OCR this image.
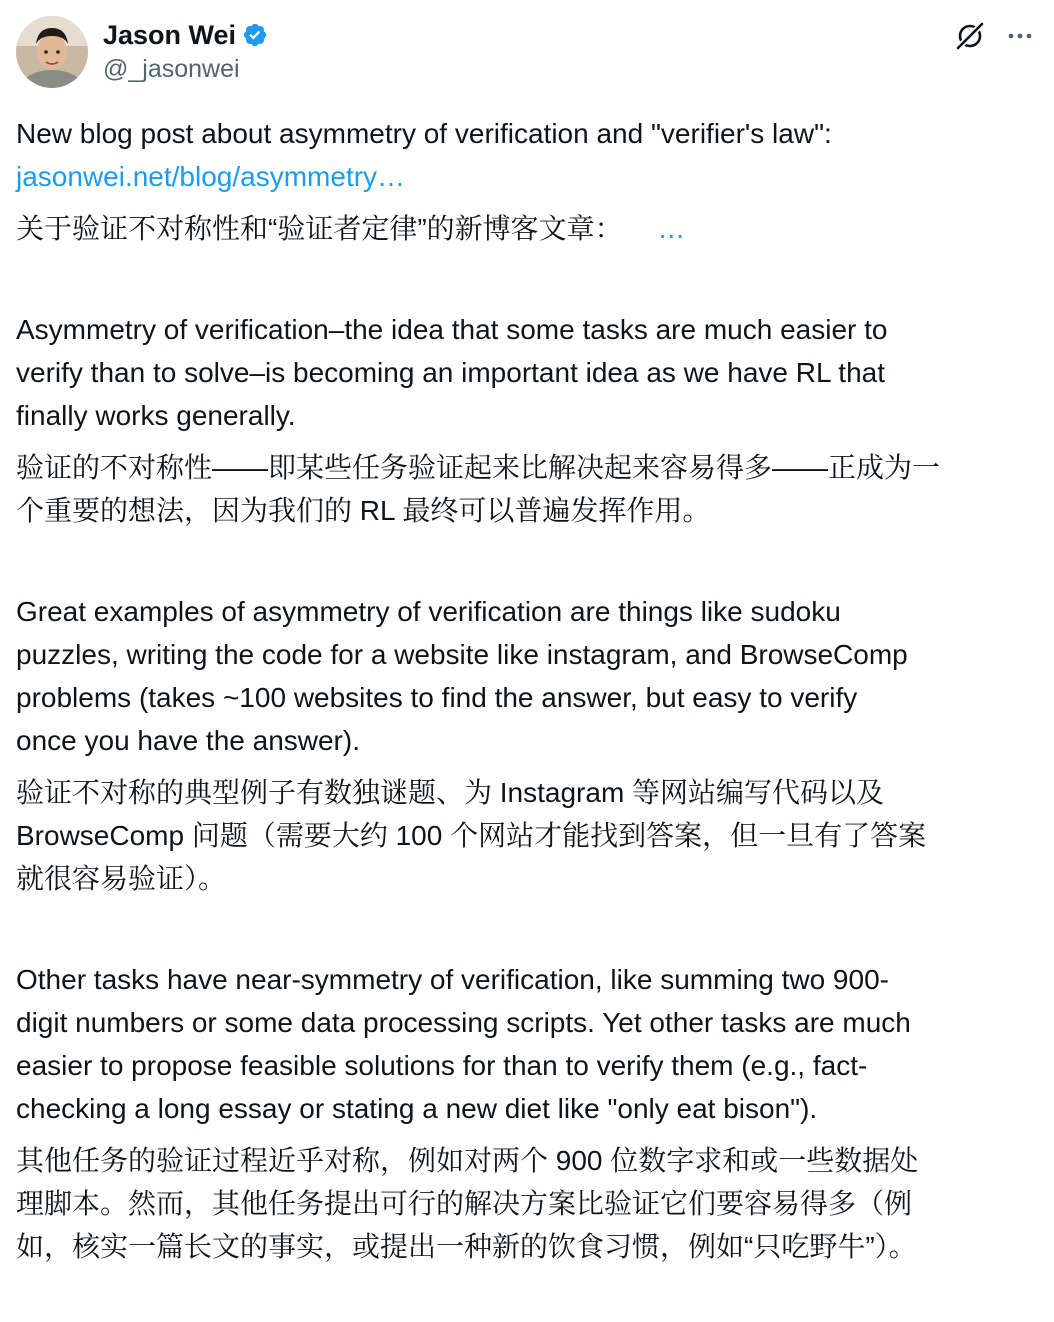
Jason Wei
@_jasonwei
New blog post about asymmetry of verification and "verifier's law":
jasonwei.net/blog/asymmetry…
关于验证不对称性和“验证者定律”的新博客文章： ...
Asymmetry of verification–the idea that some tasks are much easier to
verify than to solve–is becoming an important idea as we have RL that
finally works generally.
验证的不对称性——即某些任务验证起来比解决起来容易得多——正成为一
个重要的想法，因为我们的 RL 最终可以普遍发挥作用。
Great examples of asymmetry of verification are things like sudoku
puzzles, writing the code for a website like instagram, and BrowseComp
problems (takes ~100 websites to find the answer, but easy to verify
once you have the answer).
验证不对称的典型例子有数独谜题、为 Instagram 等网站编写代码以及
BrowseComp 问题（需要大约 100 个网站才能找到答案，但一旦有了答案
就很容易验证）。
Other tasks have near-symmetry of verification, like summing two 900-
digit numbers or some data processing scripts. Yet other tasks are much
easier to propose feasible solutions for than to verify them (e.g., fact-
checking a long essay or stating a new diet like "only eat bison").
其他任务的验证过程近乎对称，例如对两个 900 位数字求和或一些数据处
理脚本。然而，其他任务提出可行的解决方案比验证它们要容易得多（例
如，核实一篇长文的事实，或提出一种新的饮食习惯，例如“只吃野牛”）。
